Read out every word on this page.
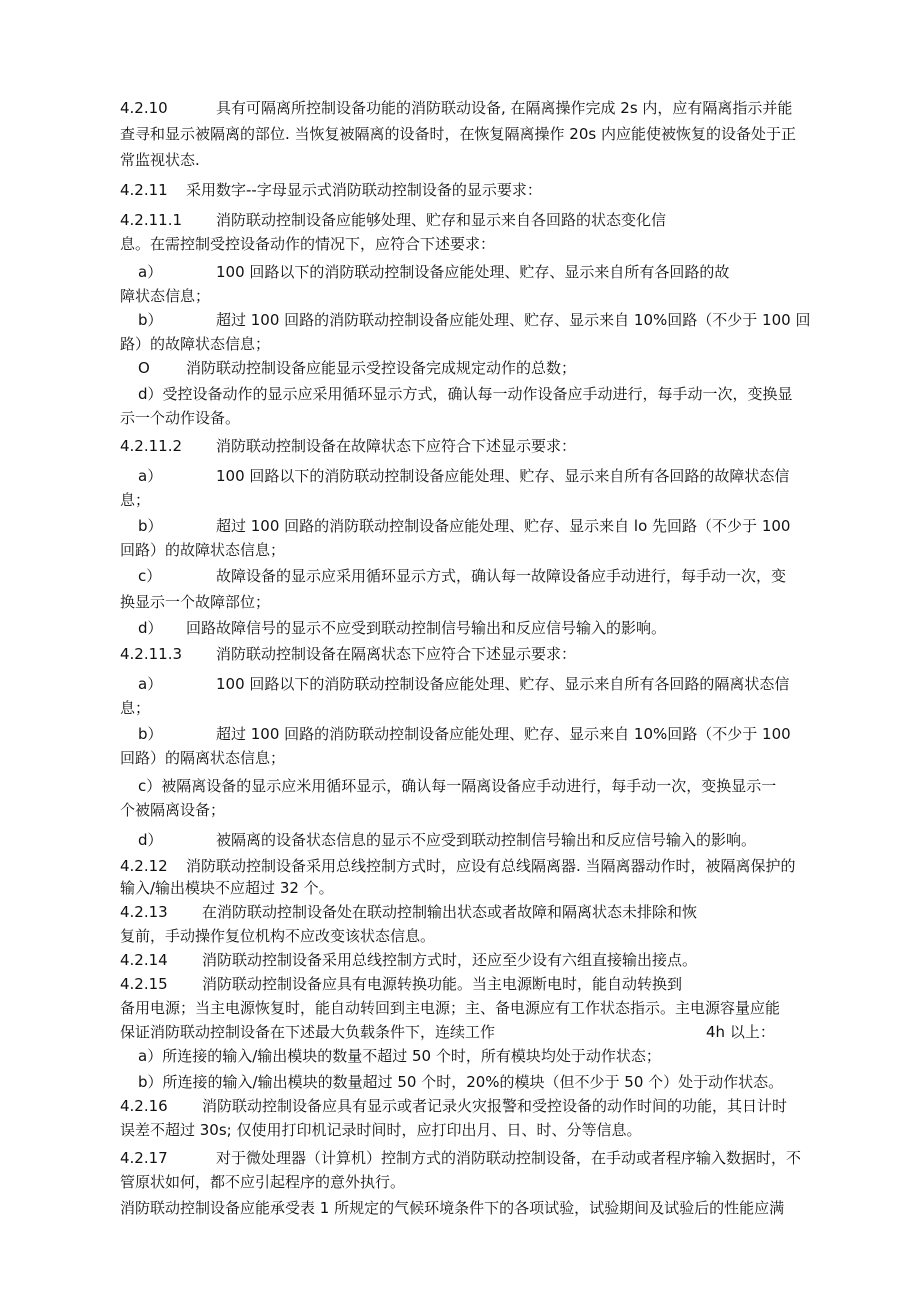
4.2.10

	具有可隔离所控制设备功能的消防联动设备, 在隔离操作完成 2s 内，应有隔离指示并能

查寻和显示被隔离的部位. 当恢复被隔离的设备时，在恢复隔离操作 20s 内应能使被恢复的设备处于正

常监视状态.

4.2.11

采用数字--字母显示式消防联动控制设备的显示要求：

4.2.11.1

消防联动控制设备应能够处理、贮存和显示来自各回路的状态变化信

息。在需控制受控设备动作的情况下，应符合下述要求：

a）

	100 回路以下的消防联动控制设备应能处理、贮存、显示来自所有各回路的故

障状态信息；

b）

	超过 100 回路的消防联动控制设备应能处理、贮存、显示来自 10%回路（不少于 100 回

路）的故障状态信息；

O

消防联动控制设备应能显示受控设备完成规定动作的总数；

d）受控设备动作的显示应采用循环显示方式，确认每一动作设备应手动进行，每手动一次，变换显

示一个动作设备。

4.2.11.2

消防联动控制设备在故障状态下应符合下述显示要求：

a）

	100 回路以下的消防联动控制设备应能处理、贮存、显示来自所有各回路的故障状态信

息；

b）

	超过 100 回路的消防联动控制设备应能处理、贮存、显示来自 lo 先回路（不少于 100

回路）的故障状态信息；

c）

	故障设备的显示应采用循环显示方式，确认每一故障设备应手动进行，每手动一次，变

换显示一个故障部位；

d）

回路故障信号的显示不应受到联动控制信号输出和反应信号输入的影响。

4.2.11.3

消防联动控制设备在隔离状态下应符合下述显示要求：

a）

	100 回路以下的消防联动控制设备应能处理、贮存、显示来自所有各回路的隔离状态信

息；

b）

	超过 100 回路的消防联动控制设备应能处理、贮存、显示来自 10%回路（不少于 100

回路）的隔离状态信息；

c）被隔离设备的显示应米用循环显示，确认每一隔离设备应手动进行，每手动一次，变换显示一

个被隔离设备；

d）

	被隔离的设备状态信息的显示不应受到联动控制信号输出和反应信号输入的影响。

4.2.12

消防联动控制设备采用总线控制方式时，应设有总线隔离器. 当隔离器动作时，被隔离保护的

输入/输出模块不应超过 32 个。

4.2.13

在消防联动控制设备处在联动控制输出状态或者故障和隔离状态未排除和恢

复前，手动操作复位机构不应改变该状态信息。

4.2.14

消防联动控制设备采用总线控制方式时，还应至少设有六组直接输出接点。

4.2.15

消防联动控制设备应具有电源转换功能。当主电源断电时，能自动转换到

备用电源；当主电源恢复时，能自动转回到主电源；主、备电源应有工作状态指示。主电源容量应能

保证消防联动控制设备在下述最大负载条件下，连续工作

	4h 以上：

a）所连接的输入/输出模块的数量不超过 50 个时，所有模块均处于动作状态；

b）所连接的输入/输出模块的数量超过 50 个时，20%的模块（但不少于 50 个）处于动作状态。

4.2.16

消防联动控制设备应具有显示或者记录火灾报警和受控设备的动作时间的功能，其日计时

误差不超过 30s; 仅使用打印机记录时间时，应打印出月、日、时、分等信息。

4.2.17

	对于微处理器（计算机）控制方式的消防联动控制设备，在手动或者程序输入数据时，不

管原状如何，都不应引起程序的意外执行。

消防联动控制设备应能承受表 1 所规定的气候环境条件下的各项试验，试验期间及试验后的性能应满
